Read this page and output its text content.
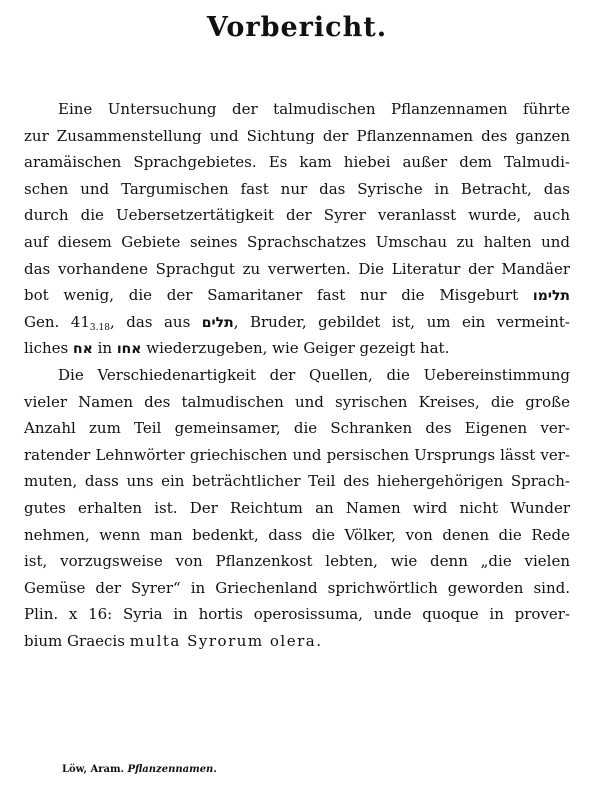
Vorbericht.
Eine Untersuchung der talmudischen Pflanzennamen führte
zur Zusammenstellung und Sichtung der Pflanzennamen des ganzen
aramäischen Sprachgebietes. Es kam hiebei außer dem Talmudi-
schen und Targumischen fast nur das Syrische in Betracht, das
durch die Uebersetzertätigkeit der Syrer veranlasst wurde, auch
auf diesem Gebiete seines Sprachschatzes Umschau zu halten und
das vorhandene Sprachgut zu verwerten. Die Literatur der Mandäer
bot wenig, die der Samaritaner fast nur die Misgeburt תלימו
Gen. $41_{3.18}$, das aus תלים, Bruder, gebildet ist, um ein vermeint-
liches אח in אחו wiederzugeben, wie Geiger gezeigt hat.
Die Verschiedenartigkeit der Quellen, die Uebereinstimmung
vieler Namen des talmudischen und syrischen Kreises, die große
Anzahl zum Teil gemeinsamer, die Schranken des Eigenen ver-
ratender Lehnwörter griechischen und persischen Ursprungs lässt ver-
muten, dass uns ein beträchtlicher Teil des hiehergehörigen Sprach-
gutes erhalten ist. Der Reichtum an Namen wird nicht Wunder
nehmen, wenn man bedenkt, dass die Völker, von denen die Rede
ist, vorzugsweise von Pflanzenkost lebten, wie denn „die vielen
Gemüse der Syrer“ in Griechenland sprichwörtlich geworden sind.
Plin. x 16: Syria in hortis operosissuma, unde quoque in prover-
bium Graecis multa Syrorum olera.
Löw, Aram. Pflanzennamen.
